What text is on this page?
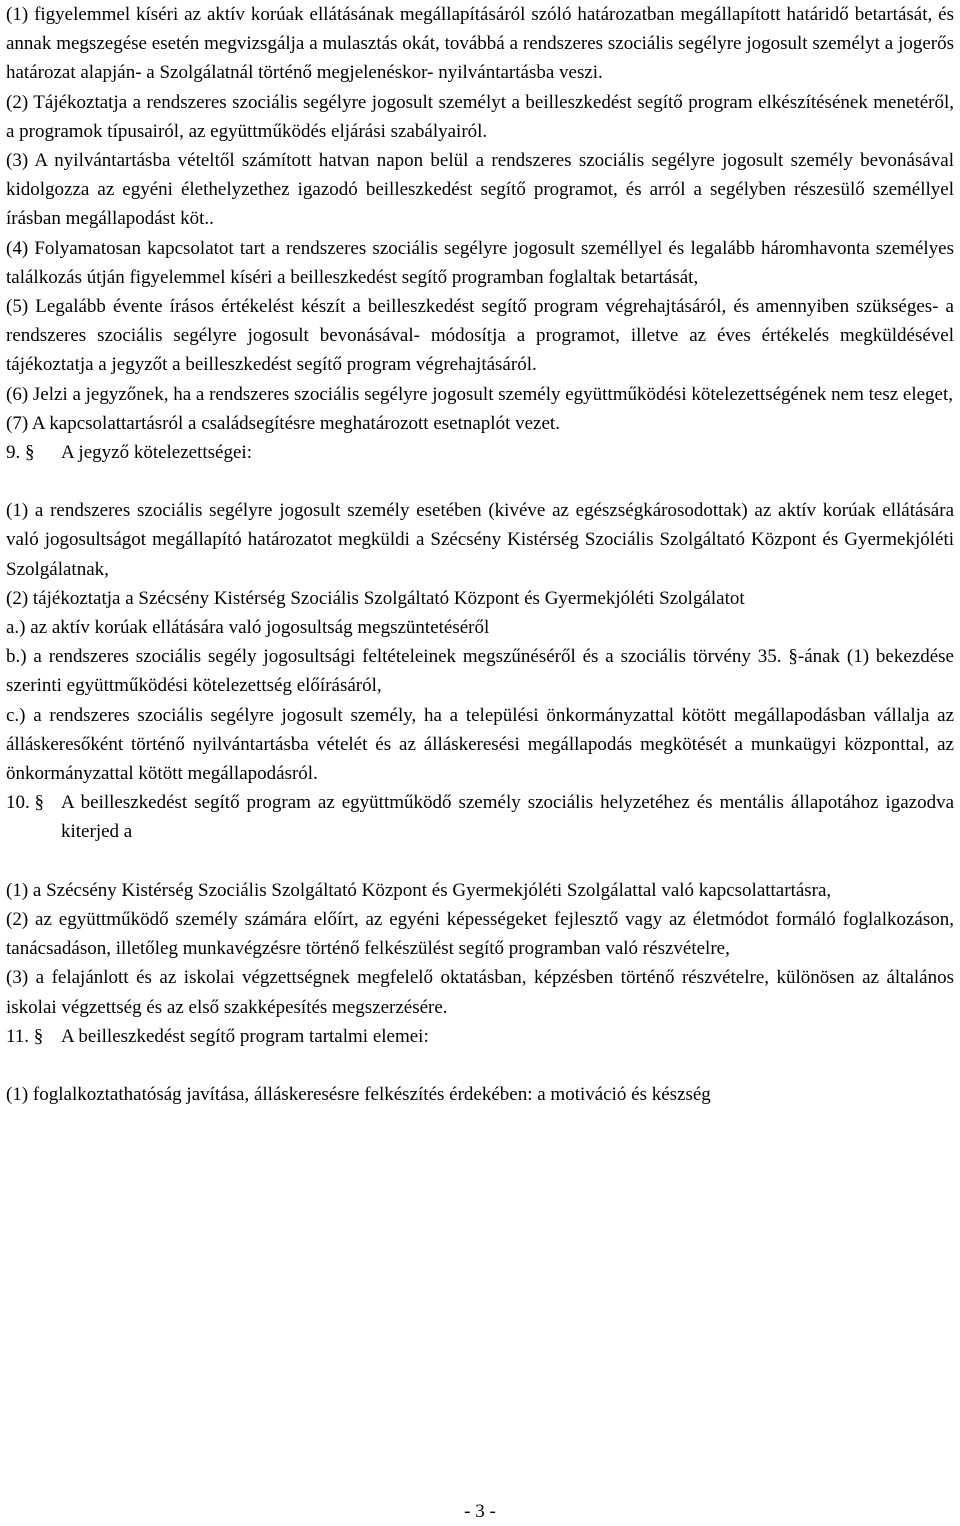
(1) figyelemmel kíséri az aktív korúak ellátásának megállapításáról szóló határozatban megállapított határidő betartását, és annak megszegése esetén megvizsgálja a mulasztás okát, továbbá a rendszeres szociális segélyre jogosult személyt a jogerős határozat alapján- a Szolgálatnál történő megjelenéskor- nyilvántartásba veszi.

(2) Tájékoztatja a rendszeres szociális segélyre jogosult személyt a beilleszkedést segítő program elkészítésének menetéről, a programok típusairól, az együttműködés eljárási szabályairól.

(3) A nyilvántartásba vételtől számított hatvan napon belül a rendszeres szociális segélyre jogosult személy bevonásával kidolgozza az egyéni élethelyzethez igazodó beilleszkedést segítő programot, és arról a segélyben részesülő személlyel írásban megállapodást köt..

(4) Folyamatosan kapcsolatot tart a rendszeres szociális segélyre jogosult személlyel és legalább háromhavonta személyes találkozás útján figyelemmel kíséri a beilleszkedést segítő programban foglaltak betartását,

(5) Legalább évente írásos értékelést készít a beilleszkedést segítő program végrehajtásáról, és amennyiben szükséges- a rendszeres szociális segélyre jogosult bevonásával- módosítja a programot, illetve az éves értékelés megküldésével tájékoztatja a jegyzőt a beilleszkedést segítő program végrehajtásáról.

(6) Jelzi a jegyzőnek, ha a rendszeres szociális segélyre jogosult személy együttműködési kötelezettségének nem tesz eleget,

(7) A kapcsolattartásról a családsegítésre meghatározott esetnaplót vezet.

9. §	A jegyző kötelezettségei:

(1) a rendszeres szociális segélyre jogosult személy esetében (kivéve az egészségkárosodottak) az aktív korúak ellátására való jogosultságot megállapító határozatot megküldi a Szécsény Kistérség Szociális Szolgáltató Központ és Gyermekjóléti Szolgálatnak,

(2) tájékoztatja a Szécsény Kistérség Szociális Szolgáltató Központ és Gyermekjóléti Szolgálatot

a.) az aktív korúak ellátására való jogosultság megszüntetéséről

b.) a rendszeres szociális segély jogosultsági feltételeinek megszűnéséről és a szociális törvény 35. §-ának (1) bekezdése szerinti együttműködési kötelezettség előírásáról,

c.) a rendszeres szociális segélyre jogosult személy, ha a települési önkormányzattal kötött megállapodásban vállalja az álláskeresőként történő nyilvántartásba vételét és az álláskeresési megállapodás megkötését a munkaügyi központtal, az önkormányzattal kötött megállapodásról.

10. § A beilleszkedést segítő program az együttműködő személy szociális helyzetéhez és mentális állapotához igazodva kiterjed a

(1) a Szécsény Kistérség Szociális Szolgáltató Központ és Gyermekjóléti Szolgálattal való kapcsolattartásra,

(2) az együttműködő személy számára előírt, az egyéni képességeket fejlesztő vagy az életmódot formáló foglalkozáson, tanácsadáson, illetőleg munkavégzésre történő felkészülést segítő programban való részvételre,

(3) a felajánlott és az iskolai végzettségnek megfelelő oktatásban, képzésben történő részvételre, különösen az általános iskolai végzettség és az első szakképesítés megszerzésére.

11. § A beilleszkedést segítő program tartalmi elemei:

(1) foglalkoztathatóság javítása, álláskeresésre felkészítés érdekében: a motiváció és készség

- 3 -
